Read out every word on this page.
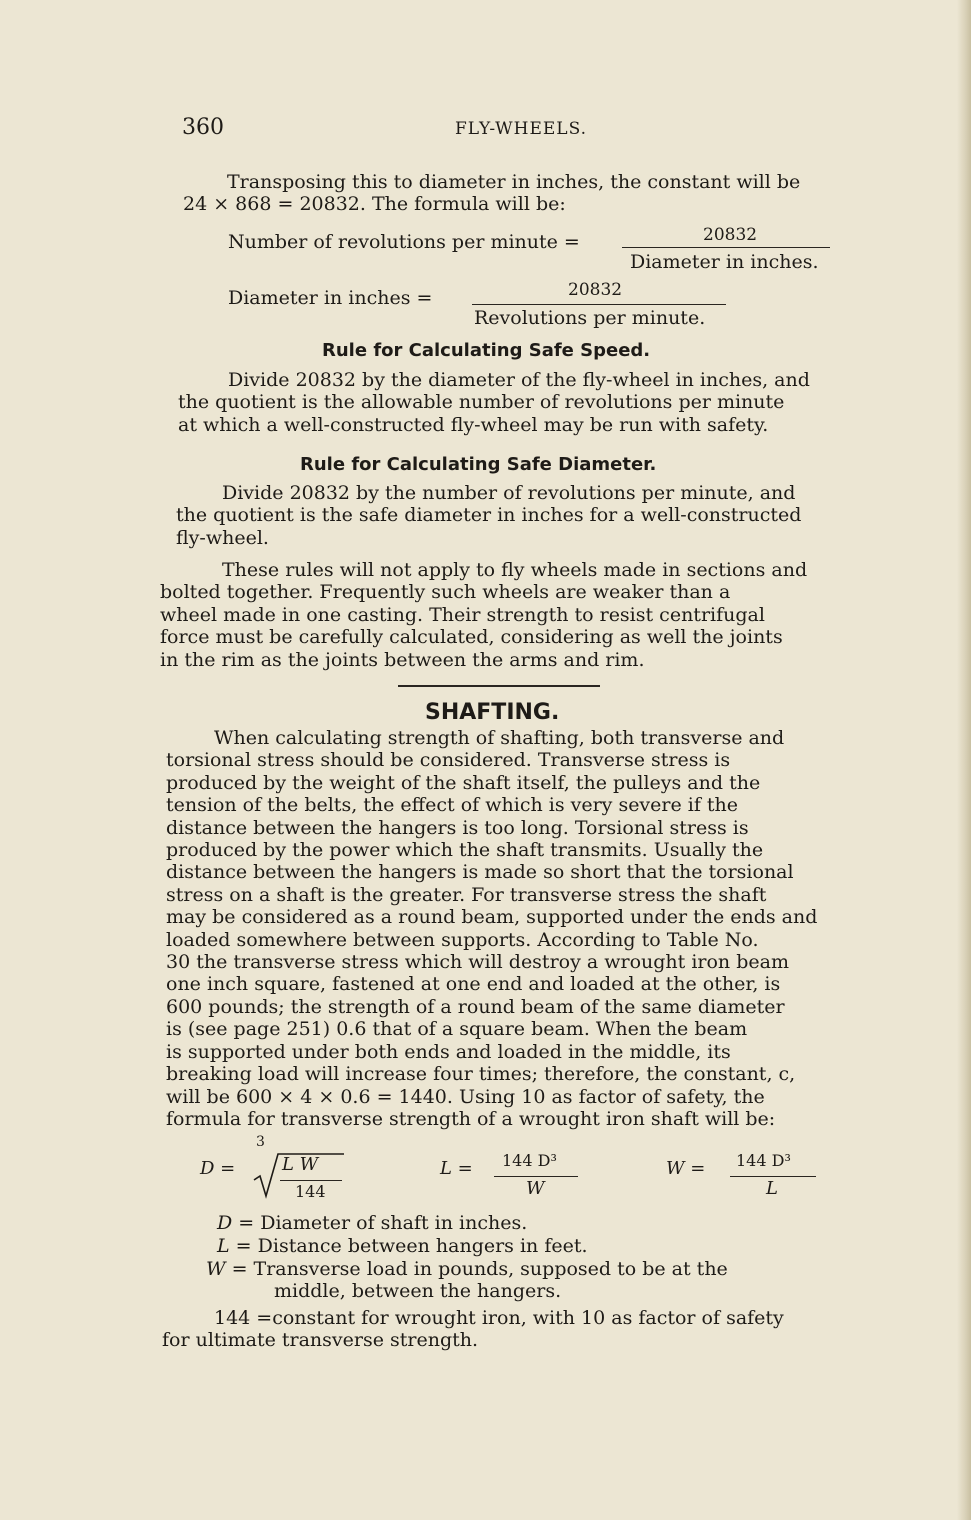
360	FLY-WHEELS.
Transposing this to diameter in inches, the constant will be
24 × 868 = 20832. The formula will be:
Number of revolutions per minute =	20832
Diameter in inches.
Diameter in inches =	20832
Revolutions per minute.
Rule for Calculating Safe Speed.
Divide 20832 by the diameter of the fly-wheel in inches, and
the quotient is the allowable number of revolutions per minute
at which a well-constructed fly-wheel may be run with safety.
Rule for Calculating Safe Diameter.
Divide 20832 by the number of revolutions per minute, and
the quotient is the safe diameter in inches for a well-constructed
fly-wheel.
These rules will not apply to fly wheels made in sections and
bolted together. Frequently such wheels are weaker than a
wheel made in one casting. Their strength to resist centrifugal
force must be carefully calculated, considering as well the joints
in the rim as the joints between the arms and rim.
SHAFTING.
When calculating strength of shafting, both transverse and
torsional stress should be considered. Transverse stress is
produced by the weight of the shaft itself, the pulleys and the
tension of the belts, the effect of which is very severe if the
distance between the hangers is too long. Torsional stress is
produced by the power which the shaft transmits. Usually the
distance between the hangers is made so short that the torsional
stress on a shaft is the greater. For transverse stress the shaft
may be considered as a round beam, supported under the ends and
loaded somewhere between supports. According to Table No.
30 the transverse stress which will destroy a wrought iron beam
one inch square, fastened at one end and loaded at the other, is
600 pounds; the strength of a round beam of the same diameter
is (see page 251) 0.6 that of a square beam. When the beam
is supported under both ends and loaded in the middle, its
breaking load will increase four times; therefore, the constant, c,
will be 600 × 4 × 0.6 = 1440. Using 10 as factor of safety, the
formula for transverse strength of a wrought iron shaft will be:
3
D =	L W
144
L = 144 D³
W
W = 144 D³
L
D = Diameter of shaft in inches.
L = Distance between hangers in feet.
W = Transverse load in pounds, supposed to be at the
middle, between the hangers.
144 =constant for wrought iron, with 10 as factor of safety
for ultimate transverse strength.
